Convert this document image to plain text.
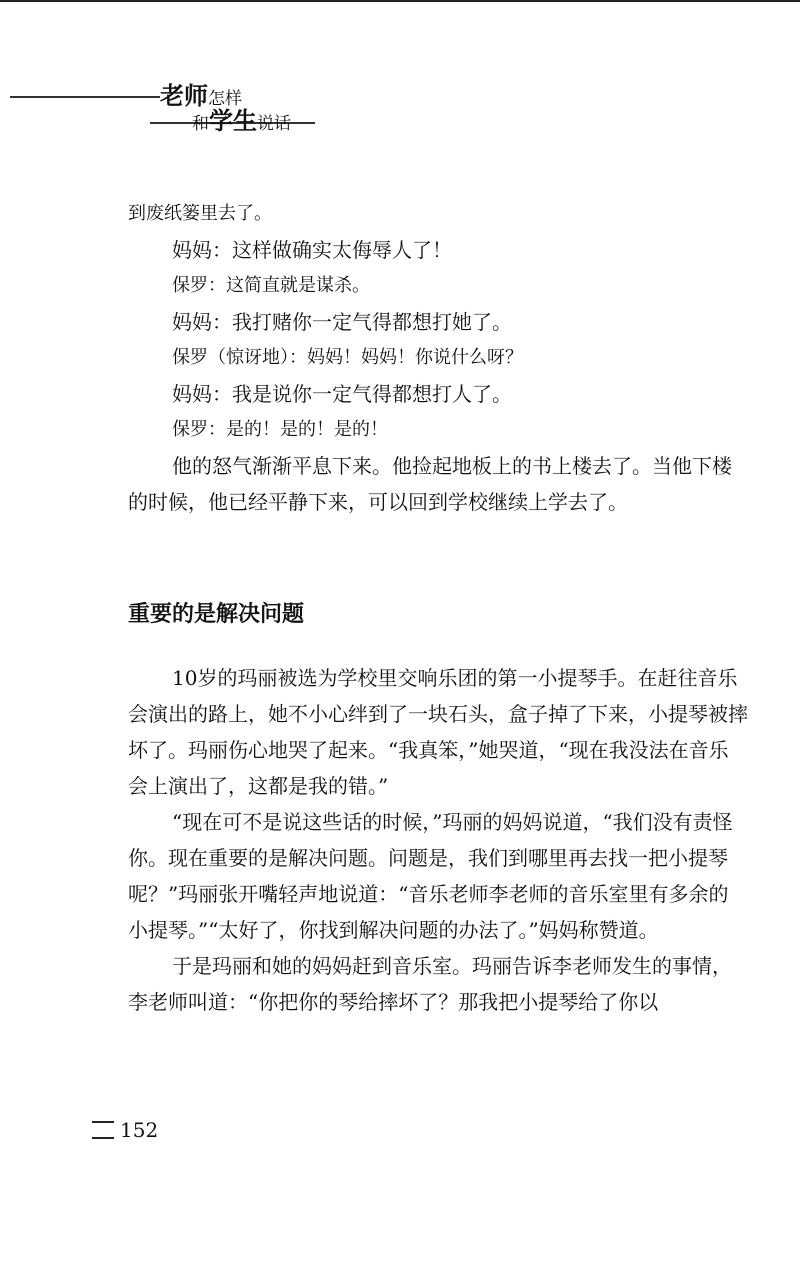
老师怎样
和学生说话

到废纸篓里去了。

妈妈：这样做确实太侮辱人了！

保罗：这简直就是谋杀。

妈妈：我打赌你一定气得都想打她了。

保罗（惊讶地）：妈妈！妈妈！你说什么呀？

妈妈：我是说你一定气得都想打人了。

保罗：是的！是的！是的！

他的怒气渐渐平息下来。他捡起地板上的书上楼去了。当他下楼的时候，他已经平静下来，可以回到学校继续上学去了。

重要的是解决问题

10岁的玛丽被选为学校里交响乐团的第一小提琴手。在赶往音乐会演出的路上，她不小心绊到了一块石头，盒子掉了下来，小提琴被摔坏了。玛丽伤心地哭了起来。“我真笨，”她哭道，“现在我没法在音乐会上演出了，这都是我的错。”

“现在可不是说这些话的时候，”玛丽的妈妈说道，“我们没有责怪你。现在重要的是解决问题。问题是，我们到哪里再去找一把小提琴呢？”玛丽张开嘴轻声地说道：“音乐老师李老师的音乐室里有多余的小提琴。”“太好了，你找到解决问题的办法了。”妈妈称赞道。

于是玛丽和她的妈妈赶到音乐室。玛丽告诉李老师发生的事情，李老师叫道：“你把你的琴给摔坏了？那我把小提琴给了你以

152
